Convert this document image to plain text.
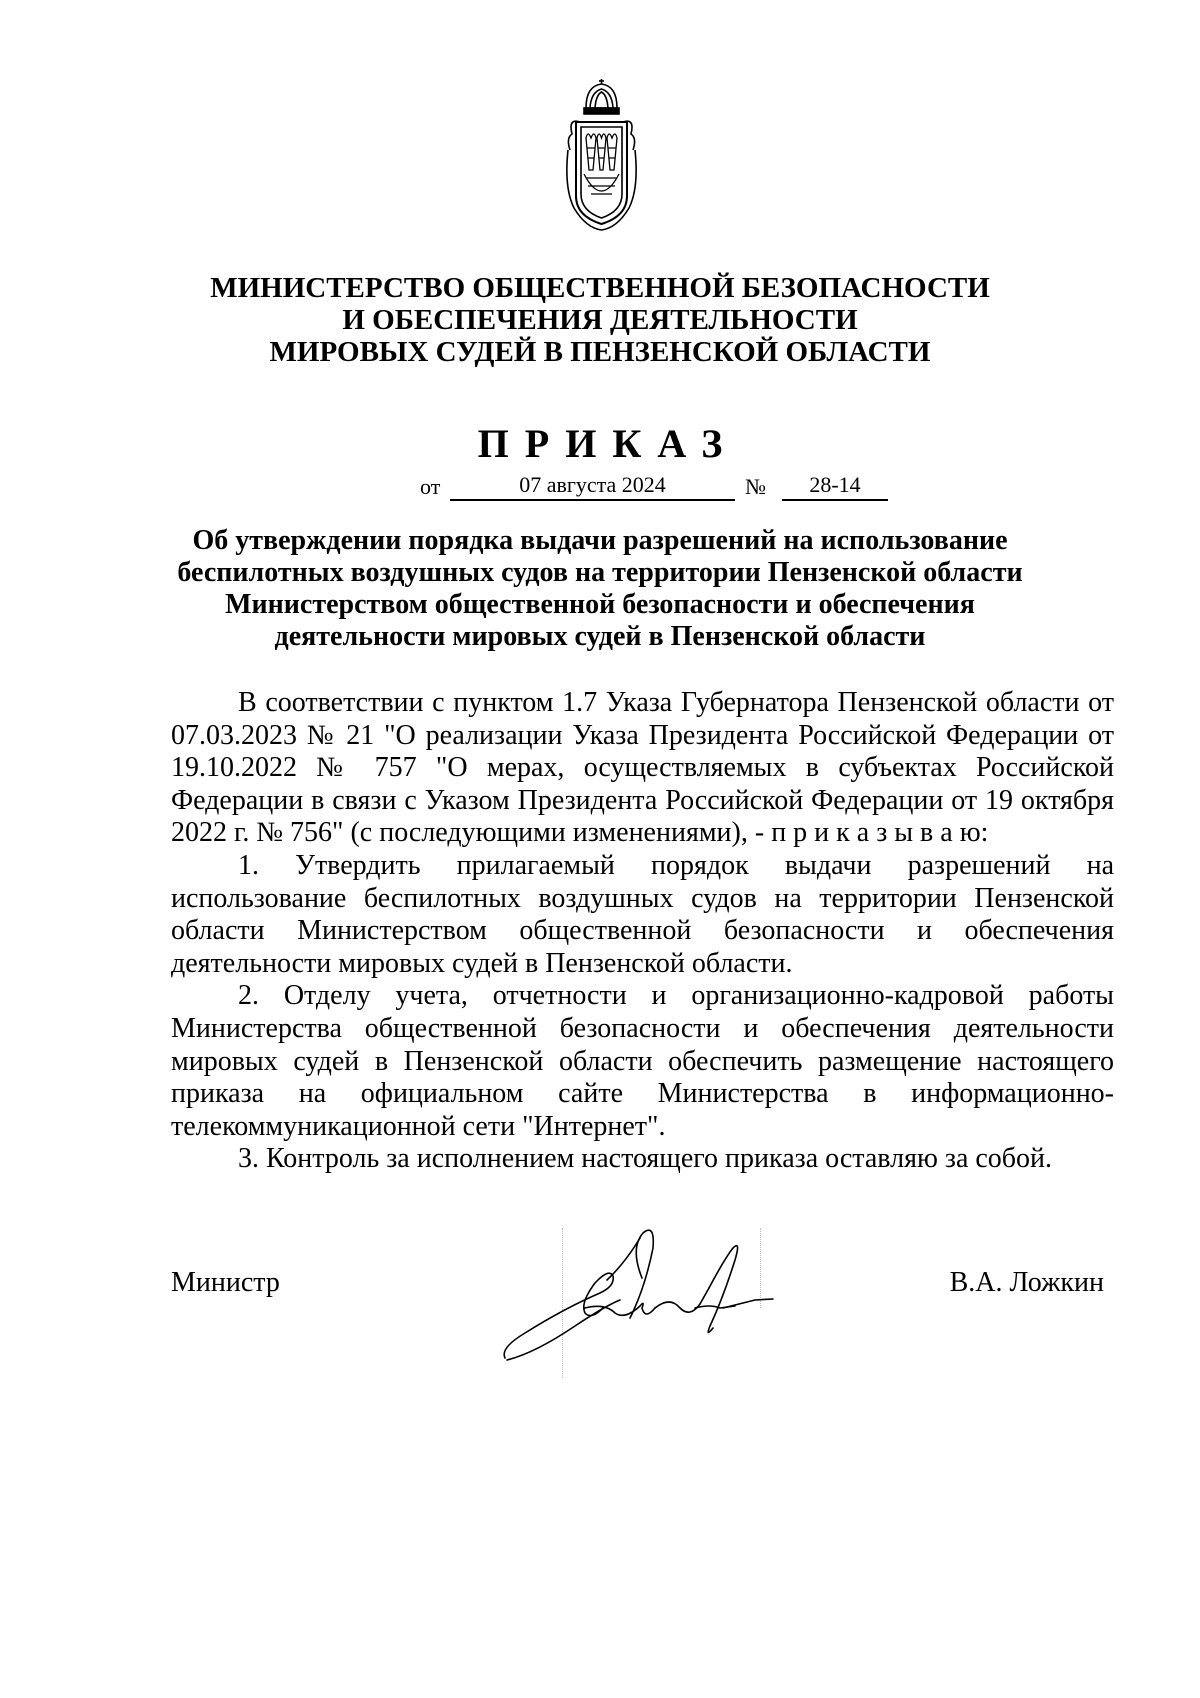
МИНИСТЕРСТВО ОБЩЕСТВЕННОЙ БЕЗОПАСНОСТИ
И ОБЕСПЕЧЕНИЯ ДЕЯТЕЛЬНОСТИ
МИРОВЫХ СУДЕЙ В ПЕНЗЕНСКОЙ ОБЛАСТИ
ПРИКАЗ
от	07 августа 2024	№	28-14
Об утверждении порядка выдачи разрешений на использование
беспилотных воздушных судов на территории Пензенской области
Министерством общественной безопасности и обеспечения
деятельности мировых судей в Пензенской области

В соответствии с пунктом 1.7 Указа Губернатора Пензенской области от 07.03.2023 № 21 "О реализации Указа Президента Российской Федерации от 19.10.2022 № 757 "О мерах, осуществляемых в субъектах Российской Федерации в связи с Указом Президента Российской Федерации от 19 октября 2022 г. № 756" (с последующими изменениями), - п р и к а з ы в а ю:

1. Утвердить прилагаемый порядок выдачи разрешений на использование беспилотных воздушных судов на территории Пензенской области Министерством общественной безопасности и обеспечения деятельности мировых судей в Пензенской области.

2. Отделу учета, отчетности и организационно-кадровой работы Министерства общественной безопасности и обеспечения деятельности мировых судей в Пензенской области обеспечить размещение настоящего приказа на официальном сайте Министерства в информационно-телекоммуникационной сети "Интернет".

3. Контроль за исполнением настоящего приказа оставляю за собой.

Министр	В.А. Ложкин
